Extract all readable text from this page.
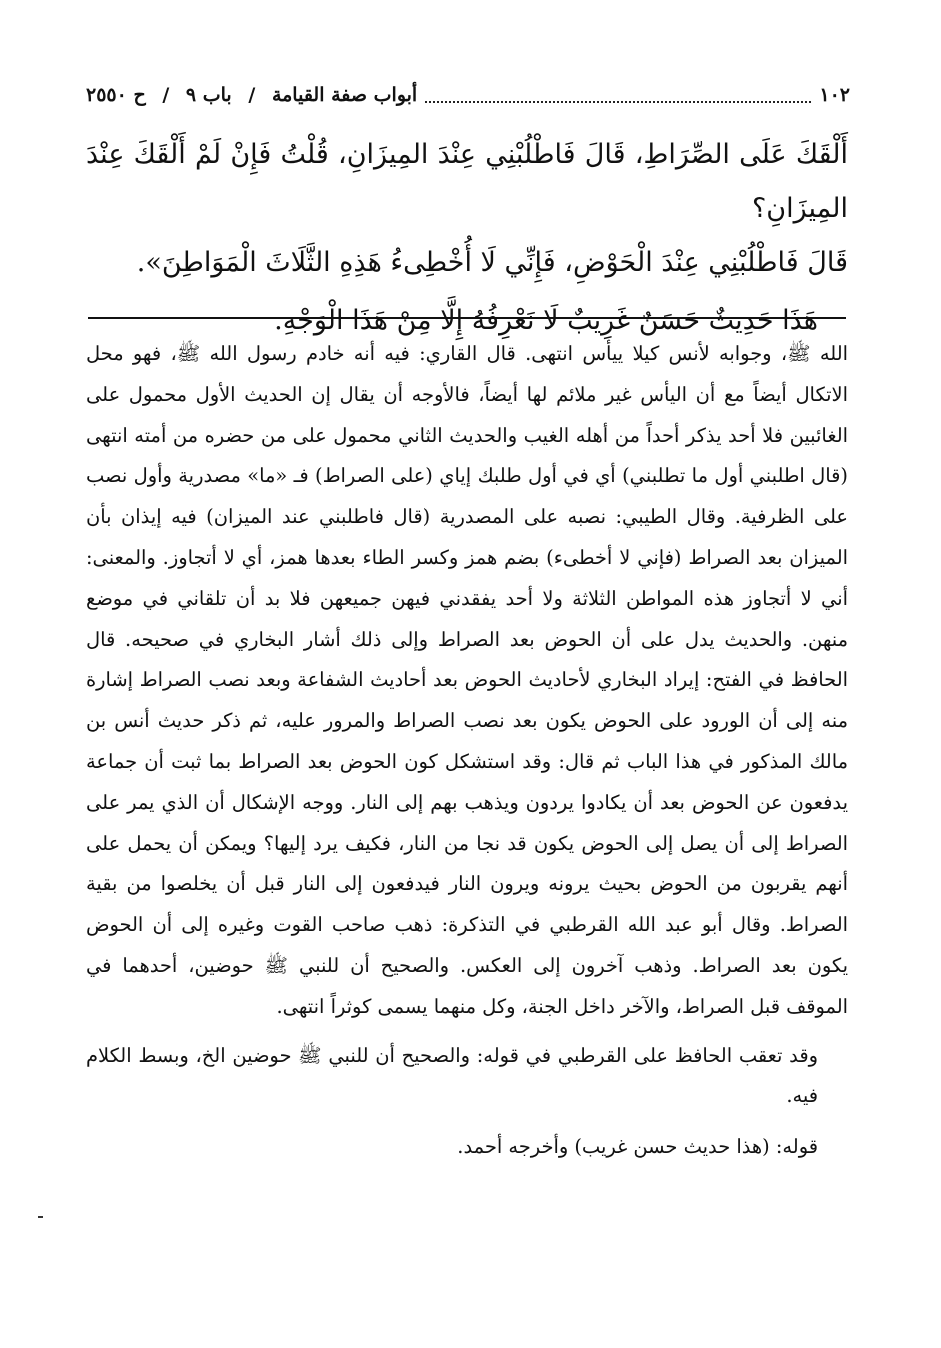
١٠٢
أبواب صفة القيامة / باب ٩ / ح ٢٥٥٠

أَلْقَكَ عَلَى الصِّرَاطِ، قَالَ فَاطْلُبْنِي عِنْدَ المِيزَانِ، قُلْتُ فَإِنْ لَمْ أَلْقَكَ عِنْدَ المِيزَانِ؟

قَالَ فَاطْلُبْنِي عِنْدَ الْحَوْضِ، فَإِنِّي لَا أُخْطِىءُ هَذِهِ الثَّلَاثَ الْمَوَاطِنَ».

هَذَا حَدِيثٌ حَسَنٌ غَرِيبٌ لَا نَعْرِفُهُ إِلَّا مِنْ هَذَا الْوَجْهِ.

الله ﷺ، وجوابه لأنس كيلا ييأس انتهى. قال القاري: فيه أنه خادم رسول الله ﷺ، فهو محل الاتكال أيضاً مع أن اليأس غير ملائم لها أيضاً، فالأوجه أن يقال إن الحديث الأول محمول على الغائبين فلا أحد يذكر أحداً من أهله الغيب والحديث الثاني محمول على من حضره من أمته انتهى (قال اطلبني أول ما تطلبني) أي في أول طلبك إياي (على الصراط) فـ «ما» مصدرية وأول نصب على الظرفية. وقال الطيبي: نصبه على المصدرية (قال فاطلبني عند الميزان) فيه إيذان بأن الميزان بعد الصراط (فإني لا أخطىء) بضم همز وكسر الطاء بعدها همز، أي لا أتجاوز. والمعنى: أني لا أتجاوز هذه المواطن الثلاثة ولا أحد يفقدني فيهن جميعهن فلا بد أن تلقاني في موضع منهن. والحديث يدل على أن الحوض بعد الصراط وإلى ذلك أشار البخاري في صحيحه. قال الحافظ في الفتح: إيراد البخاري لأحاديث الحوض بعد أحاديث الشفاعة وبعد نصب الصراط إشارة منه إلى أن الورود على الحوض يكون بعد نصب الصراط والمرور عليه، ثم ذكر حديث أنس بن مالك المذكور في هذا الباب ثم قال: وقد استشكل كون الحوض بعد الصراط بما ثبت أن جماعة يدفعون عن الحوض بعد أن يكادوا يردون ويذهب بهم إلى النار. ووجه الإشكال أن الذي يمر على الصراط إلى أن يصل إلى الحوض يكون قد نجا من النار، فكيف يرد إليها؟ ويمكن أن يحمل على أنهم يقربون من الحوض بحيث يرونه ويرون النار فيدفعون إلى النار قبل أن يخلصوا من بقية الصراط. وقال أبو عبد الله القرطبي في التذكرة: ذهب صاحب القوت وغيره إلى أن الحوض يكون بعد الصراط. وذهب آخرون إلى العكس. والصحيح أن للنبي ﷺ حوضين، أحدهما في الموقف قبل الصراط، والآخر داخل الجنة، وكل منهما يسمى كوثراً انتهى.

وقد تعقب الحافظ على القرطبي في قوله: والصحيح أن للنبي ﷺ حوضين الخ، وبسط الكلام فيه.

قوله: (هذا حديث حسن غريب) وأخرجه أحمد.
